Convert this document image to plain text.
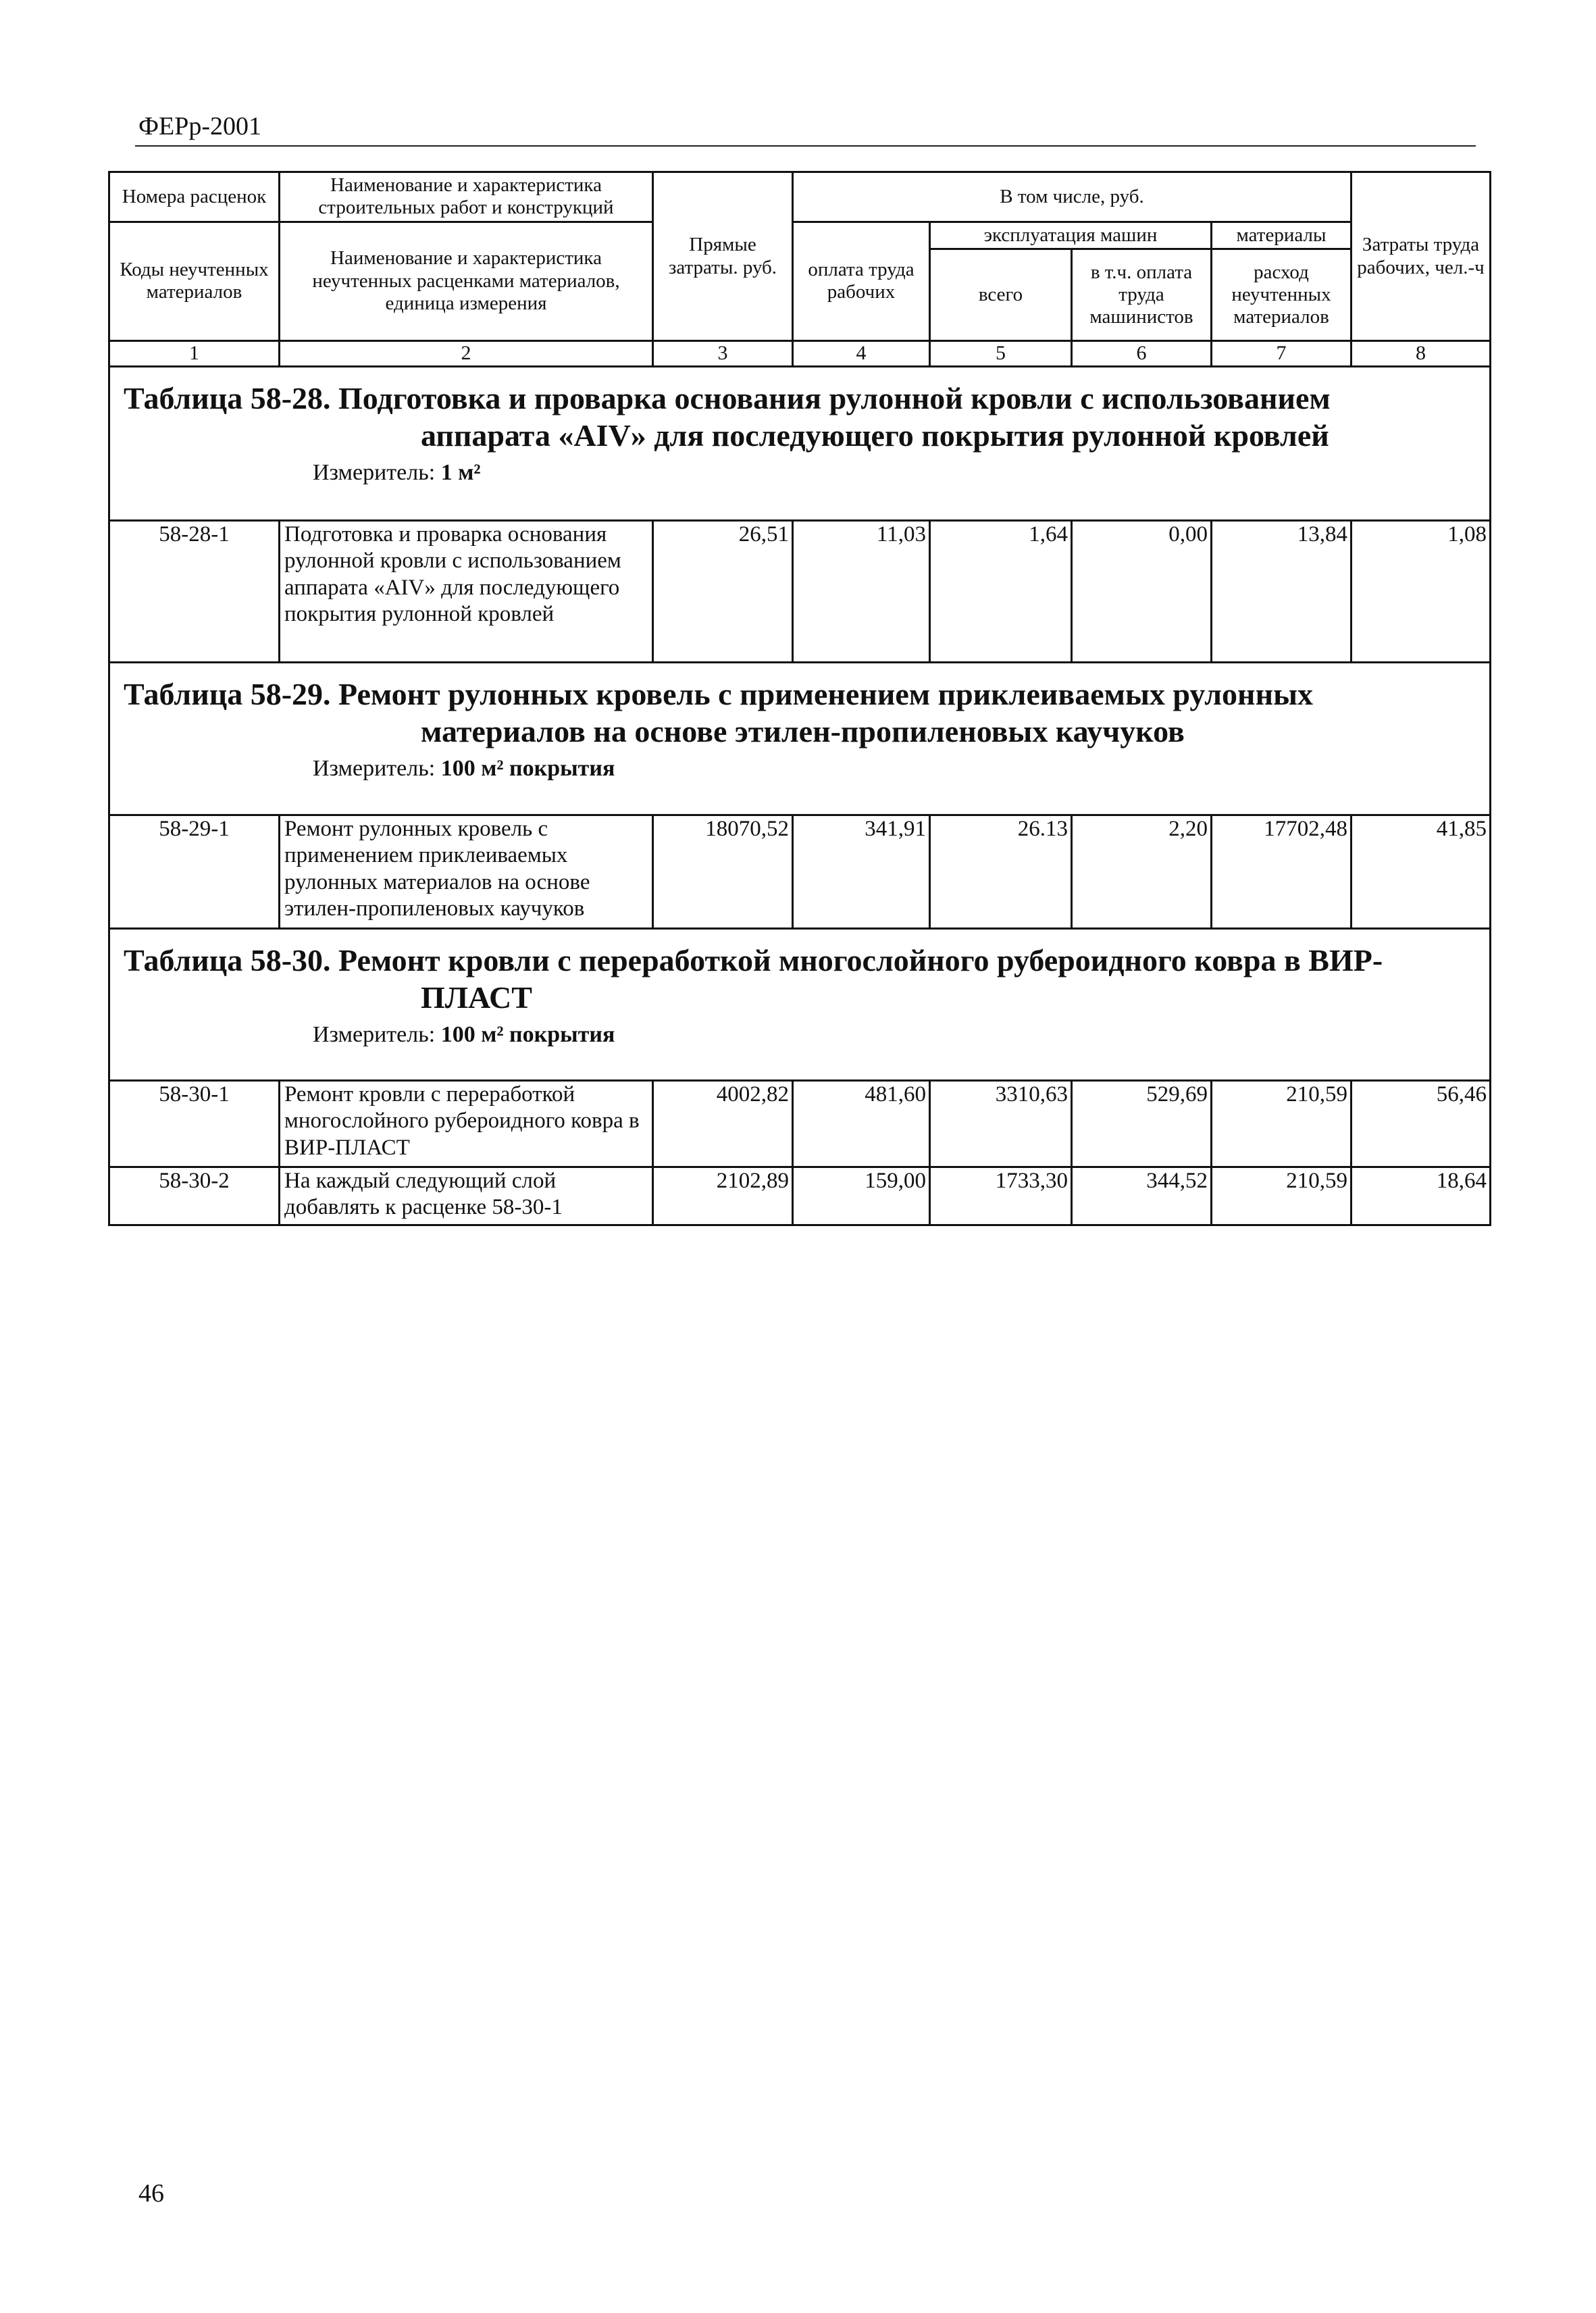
ФЕРр-2001
Номера расценок	Наименование и характеристика строительных работ и конструкций	Прямые затраты. руб.	В том числе, руб.				Затраты труда рабочих, чел.-ч
Коды неучтенных материалов	Наименование и характеристика неучтенных расценками материалов, единица измерения		оплата труда рабочих	эксплуатация машин		материалы	
				всего	в т.ч. оплата труда машинистов	расход неучтенных материалов	
1	2	3	4	5	6	7	8

Таблица 58-28. Подготовка и проварка основания рулонной кровли с использованием
аппарата «AIV» для последующего покрытия рулонной кровлей
Измеритель: 1 м²							

58-28-1	Подготовка и проварка основания рулонной кровли с использованием аппарата «AIV» для последующего покрытия рулонной кровлей	26,51	11,03	1,64	0,00	13,84	1,08

Таблица 58-29. Ремонт рулонных кровель с применением приклеиваемых рулонных
материалов на основе этилен-пропиленовых каучуков
Измеритель: 100 м² покрытия							

58-29-1	Ремонт рулонных кровель с применением приклеиваемых рулонных материалов на основе этилен-пропиленовых каучуков	18070,52	341,91	26.13	2,20	17702,48	41,85

Таблица 58-30. Ремонт кровли с переработкой многослойного рубероидного ковра в ВИР-
ПЛАСТ
Измеритель: 100 м² покрытия							

58-30-1	Ремонт кровли с переработкой многослойного рубероидного ковра в ВИР-ПЛАСТ	4002,82	481,60	3310,63	529,69	210,59	56,46
58-30-2	На каждый следующий слой добавлять к расценке 58-30-1	2102,89	159,00	1733,30	344,52	210,59	18,64
46
